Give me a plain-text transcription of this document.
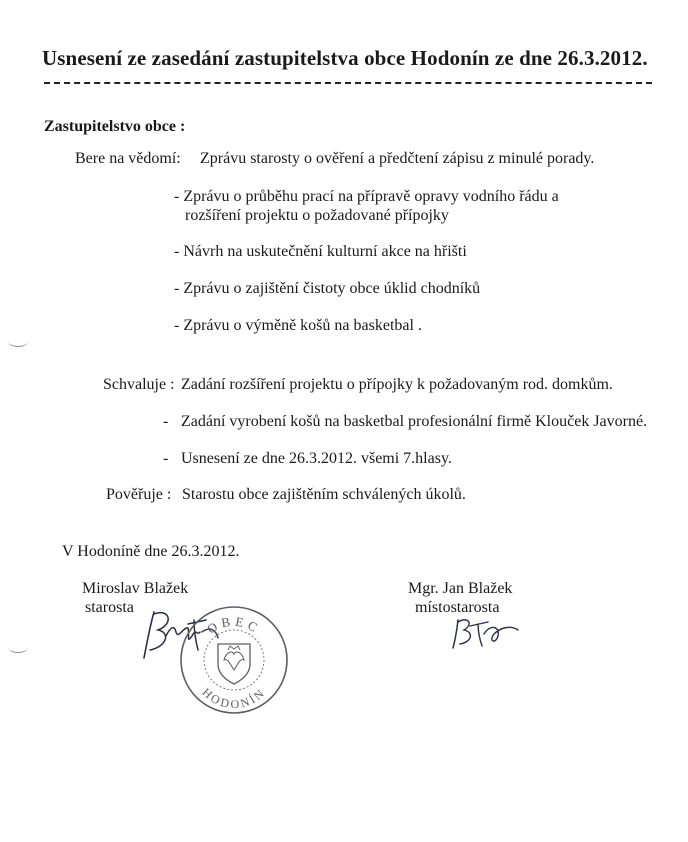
Usnesení ze zasedání zastupitelstva obce Hodonín ze dne 26.3.2012.
Zastupitelstvo obce :
Bere na vědomí: Zprávu starosty o ověření a předčtení zápisu z minulé porady.
- Zprávu o průběhu prací na přípravě opravy vodního řádu a
rozšíření projektu o požadované přípojky
- Návrh na uskutečnění kulturní akce na hřišti
- Zprávu o zajištění čistoty obce úklid chodníků
- Zprávu o výměně košů na basketbal .
Schvaluje : Zadání rozšíření projektu o přípojky k požadovaným rod. domkům.
- Zadání vyrobení košů na basketbal profesionální firmě Klouček Javorné.
- Usnesení ze dne 26.3.2012. všemi 7.hlasy.
Pověřuje : Starostu obce zajištěním schválených úkolů.
V Hodoníně dne 26.3.2012.
Miroslav Blažek
starosta
Mgr. Jan Blažek
místostarosta
OBEC
HODONÍN
